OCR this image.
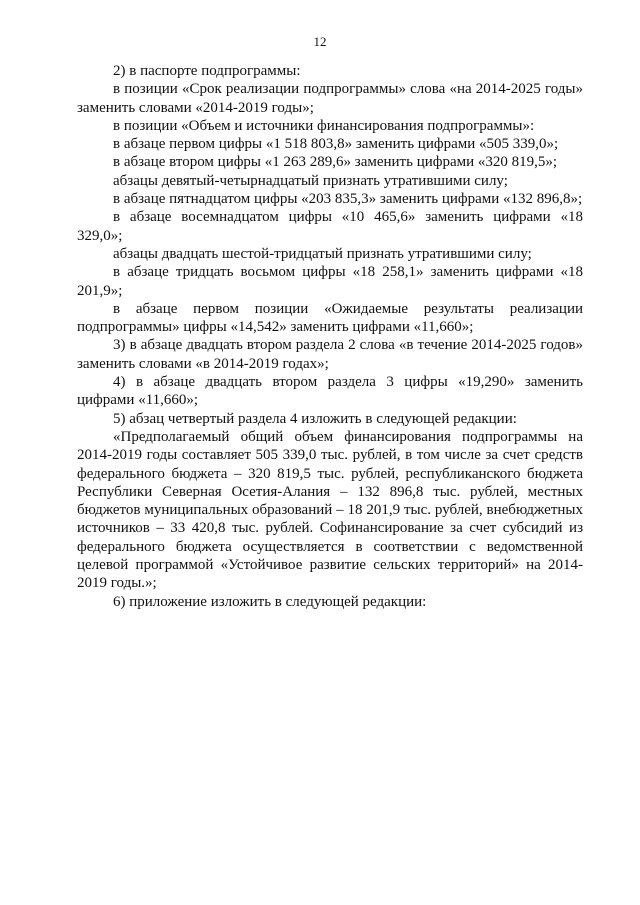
12

2) в паспорте подпрограммы:

в позиции «Срок реализации подпрограммы» слова «на 2014-2025 годы» заменить словами «2014-2019 годы»;

в позиции «Объем и источники финансирования подпрограммы»:

в абзаце первом цифры «1 518 803,8» заменить цифрами «505 339,0»;

в абзаце втором цифры «1 263 289,6» заменить цифрами «320 819,5»;

абзацы девятый-четырнадцатый признать утратившими силу;

в абзаце пятнадцатом цифры «203 835,3» заменить цифрами «132 896,8»;

в абзаце восемнадцатом цифры «10 465,6» заменить цифрами «18 329,0»;

абзацы двадцать шестой-тридцатый признать утратившими силу;

в абзаце тридцать восьмом цифры «18 258,1» заменить цифрами «18 201,9»;

в абзаце первом позиции «Ожидаемые результаты реализации подпрограммы» цифры «14,542» заменить цифрами «11,660»;

3) в абзаце двадцать втором раздела 2 слова «в течение 2014-2025 годов» заменить словами «в 2014-2019 годах»;

4) в абзаце двадцать втором раздела 3 цифры «19,290» заменить цифрами «11,660»;

5) абзац четвертый раздела 4 изложить в следующей редакции:

«Предполагаемый общий объем финансирования подпрограммы на 2014-2019 годы составляет 505 339,0 тыс. рублей, в том числе за счет средств федерального бюджета – 320 819,5 тыс. рублей, республиканского бюджета Республики Северная Осетия-Алания – 132 896,8 тыс. рублей, местных бюджетов муниципальных образований – 18 201,9 тыс. рублей, внебюджетных источников – 33 420,8 тыс. рублей. Софинансирование за счет субсидий из федерального бюджета осуществляется в соответствии с ведомственной целевой программой «Устойчивое развитие сельских территорий» на 2014-2019 годы.»;

6) приложение изложить в следующей редакции:
